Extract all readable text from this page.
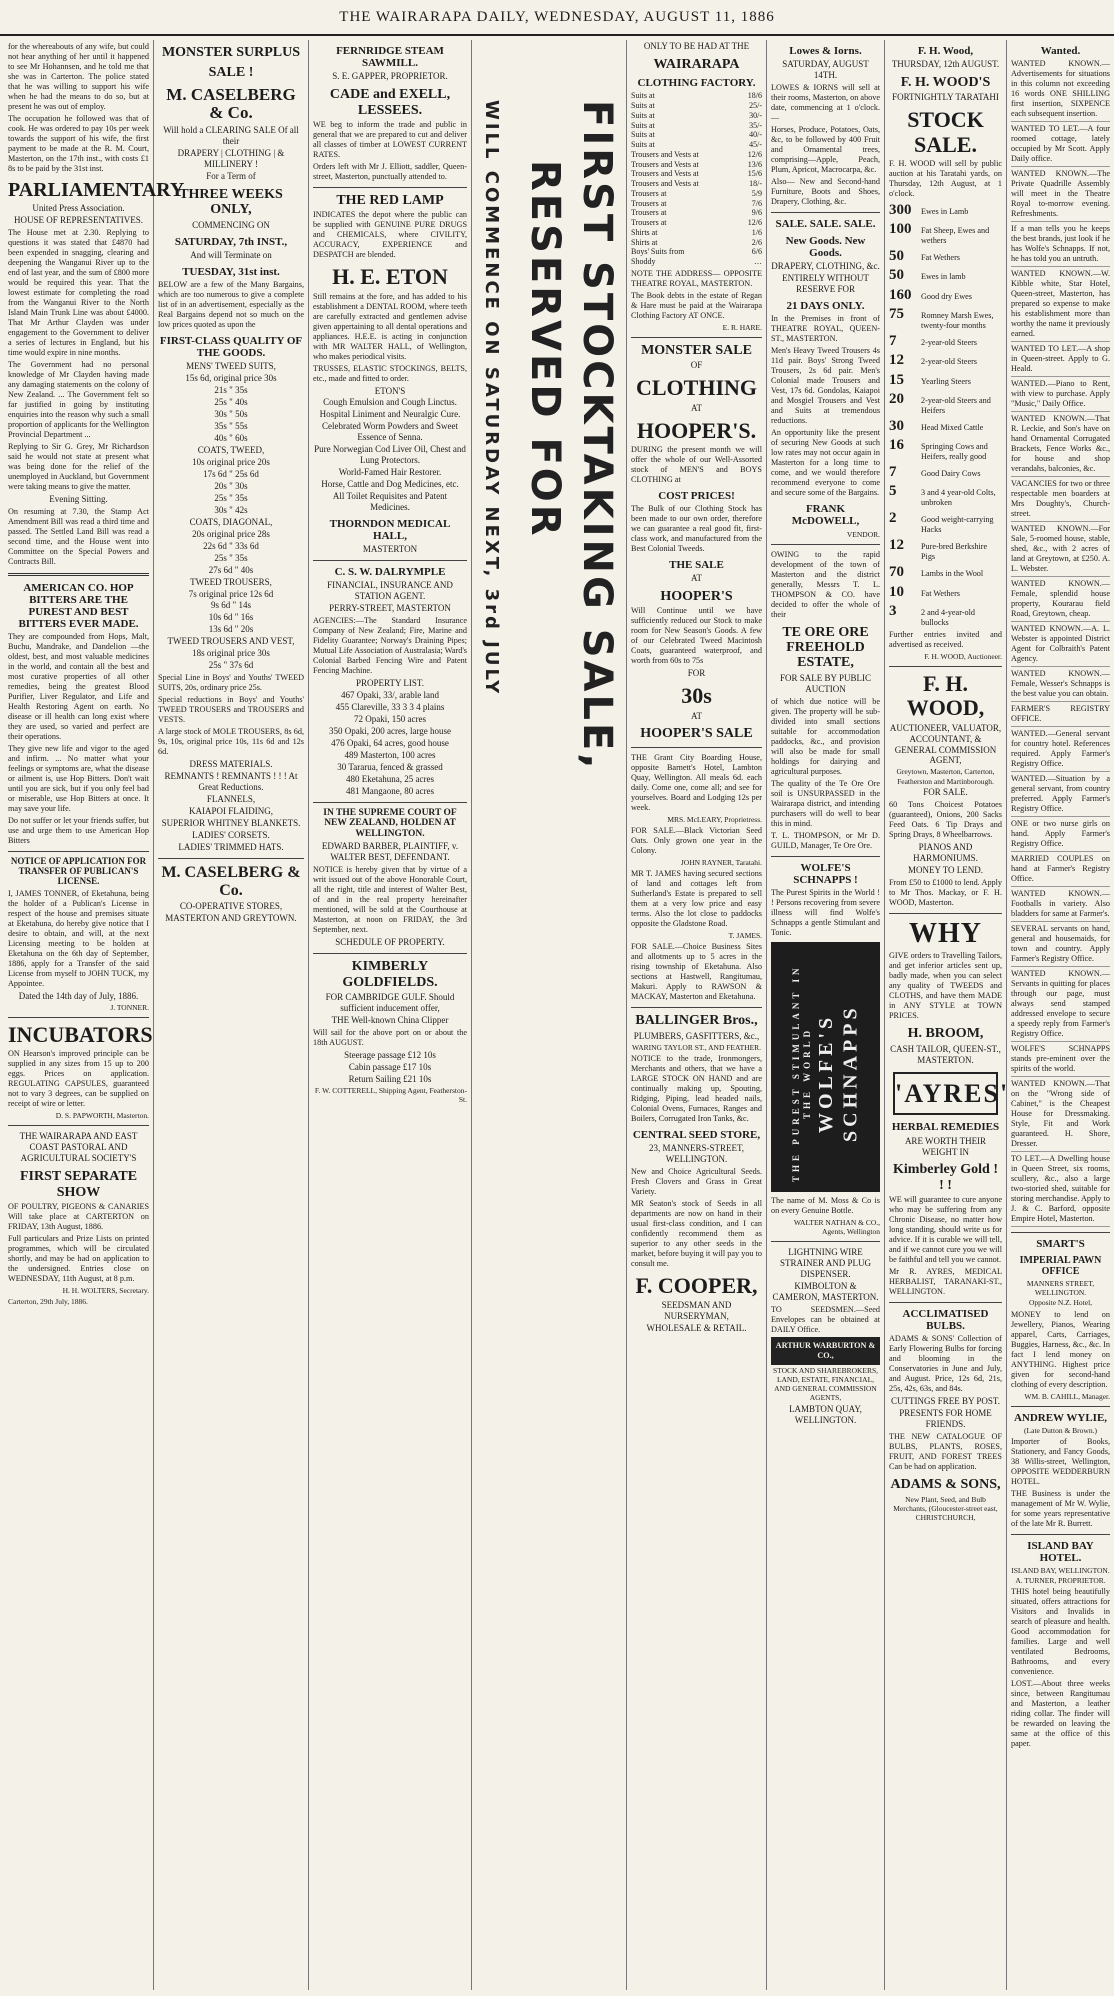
THE WAIRARAPA DAILY, WEDNESDAY, AUGUST 11, 1886
for the whereabouts of any wife, but could not hear anything of her until it happened to see Mr Hohannsen, and he told me that she was in Carterton. The police stated that he was willing to support his wife when he had the means to do so, but at present he was out of employ.
The occupation he followed was that of cook. He was ordered to pay 10s per week towards the support of his wife, the first payment to be made at the R. M. Court, Masterton, on the 17th inst., with costs £1 8s to be paid by the 31st inst.
PARLIAMENTARY
United Press Association.
HOUSE OF REPRESENTATIVES.
The House met at 2.30. Replying to questions it was stated that £4870 had been expended in snagging, clearing and deepening the Wanganui River up to the end of last year, and the sum of £800 more would be required this year. That the lowest estimate for completing the road from the Wanganui River to the North Island Main Trunk Line was about £4000. That Mr Arthur Clayden was under engagement to the Government to deliver a series of lectures in England, but his time would expire in nine months.
The Government had no personal knowledge of Mr Clayden having made any damaging statements on the colony of New Zealand. ... The Government felt so far justified in going by instituting enquiries into the reason why such a small proportion of applicants for the Wellington Provincial Department ...
Replying to Sir G. Grey, Mr Richardson said he would not state at present what was being done for the relief of the unemployed in Auckland, but Government were taking means to give the matter.
Evening Sitting.
On resuming at 7.30, the Stamp Act Amendment Bill was read a third time and passed. The Settled Land Bill was read a second time, and the House went into Committee on the Special Powers and Contracts Bill.
AMERICAN CO. HOP BITTERS ARE THE PUREST AND BEST BITTERS EVER MADE.
They are compounded from Hops, Malt, Buchu, Mandrake, and Dandelion —the oldest, best, and most valuable medicines in the world, and contain all the best and most curative properties of all other remedies, being the greatest Blood Purifier, Liver Regulator, and Life and Health Restoring Agent on earth. No disease or ill health can long exist where they are used, so varied and perfect are their operations.
They give new life and vigor to the aged and infirm. ... No matter what your feelings or symptoms are, what the disease or ailment is, use Hop Bitters. Don't wait until you are sick, but if you only feel bad or miserable, use Hop Bitters at once. It may save your life.
Do not suffer or let your friends suffer, but use and urge them to use American Hop Bitters
NOTICE OF APPLICATION FOR TRANSFER OF PUBLICAN'S LICENSE.
I, JAMES TONNER, of Eketahuna, being the holder of a Publican's License in respect of the house and premises situate at Eketahuna, do hereby give notice that I desire to obtain, and will, at the next Licensing meeting to be holden at Eketahuna on the 6th day of September, 1886, apply for a Transfer of the said License from myself to JOHN TUCK, my Appointee.
Dated the 14th day of July, 1886.
J. TONNER.
INCUBATORS
ON Hearson's improved principle can be supplied in any sizes from 15 up to 200 eggs. Prices on application. REGULATING CAPSULES, guaranteed not to vary 3 degrees, can be supplied on receipt of wire or letter.
D. S. PAPWORTH, Masterton.
THE WAIRARAPA AND EAST COAST PASTORAL AND AGRICULTURAL SOCIETY'S
FIRST SEPARATE SHOW
OF POULTRY, PIGEONS & CANARIES Will take place at CARTERTON on FRIDAY, 13th August, 1886.
Full particulars and Prize Lists on printed programmes, which will be circulated shortly, and may be had on application to the undersigned. Entries close on WEDNESDAY, 11th August, at 8 p.m.
H. H. WOLTERS, Secretary.
Carterton, 29th July, 1886.
MONSTER SURPLUS
SALE !
M. CASELBERG & Co.
Will hold a CLEARING SALE Of all their
DRAPERY | CLOTHING | & MILLINERY !
For a Term of
THREE WEEKS ONLY,
COMMENCING ON
SATURDAY, 7th INST.,
And will Terminate on
TUESDAY, 31st inst.
BELOW are a few of the Many Bargains, which are too numerous to give a complete list of in an advertisement, especially as the Real Bargains depend not so much on the low prices quoted as upon the
FIRST-CLASS QUALITY OF THE GOODS.
MENS' TWEED SUITS,
15s 6d, original price 30s
21s " 35s
25s " 40s
30s " 50s
35s " 55s
40s " 60s
COATS, TWEED,
10s original price 20s
17s 6d " 25s 6d
20s " 30s
25s " 35s
30s " 42s
COATS, DIAGONAL,
20s original price 28s
22s 6d " 33s 6d
25s " 35s
27s 6d " 40s
TWEED TROUSERS,
7s original price 12s 6d
9s 6d " 14s
10s 6d " 16s
13s 6d " 20s
TWEED TROUSERS AND VEST,
18s original price 30s
25s " 37s 6d
Special Line in Boys' and Youths' TWEED SUITS, 20s, ordinary price 25s.
Special reductions in Boys' and Youths' TWEED TROUSERS and TROUSERS and VESTS.
A large stock of MOLE TROUSERS, 8s 6d, 9s, 10s, original price 10s, 11s 6d and 12s 6d.
DRESS MATERIALS.
REMNANTS ! REMNANTS ! ! ! At Great Reductions.
FLANNELS,
KAIAPOI FLAIDING,
SUPERIOR WHITNEY BLANKETS.
LADIES' CORSETS.
LADIES' TRIMMED HATS.
M. CASELBERG & Co.
CO-OPERATIVE STORES,
MASTERTON AND GREYTOWN.
FERNRIDGE STEAM SAWMILL.
S. E. GAPPER, PROPRIETOR.
CADE and EXELL, LESSEES.
WE beg to inform the trade and public in general that we are prepared to cut and deliver all classes of timber at LOWEST CURRENT RATES.
Orders left with Mr J. Elliott, saddler, Queen-street, Masterton, punctually attended to.
THE RED LAMP
INDICATES the depot where the public can be supplied with GENUINE PURE DRUGS and CHEMICALS, where CIVILITY, ACCURACY, EXPERIENCE and DESPATCH are blended.
H. E. ETON
Still remains at the fore, and has added to his establishment a DENTAL ROOM, where teeth are carefully extracted and gentlemen advise given appertaining to all dental operations and appliances. H.E.E. is acting in conjunction with MR WALTER HALL, of Wellington, who makes periodical visits.
TRUSSES, ELASTIC STOCKINGS, BELTS, etc., made and fitted to order.
ETON'S
Cough Emulsion and Cough Linctus.
Hospital Liniment and Neuralgic Cure.
Celebrated Worm Powders and Sweet Essence of Senna.
Pure Norwegian Cod Liver Oil, Chest and Lung Protectors.
World-Famed Hair Restorer.
Horse, Cattle and Dog Medicines, etc.
All Toilet Requisites and Patent Medicines.
THORNDON MEDICAL HALL,
MASTERTON
C. S. W. DALRYMPLE
FINANCIAL, INSURANCE AND STATION AGENT.
PERRY-STREET, MASTERTON
AGENCIES:—The Standard Insurance Company of New Zealand; Fire, Marine and Fidelity Guarantee; Norway's Draining Pipes; Mutual Life Association of Australasia; Ward's Colonial Barbed Fencing Wire and Patent Fencing Machine.
PROPERTY LIST.
467 Opaki, 33/, arable land
455 Clareville, 33 3 3 4 plains
72 Opaki, 150 acres
350 Opaki, 200 acres, large house
476 Opaki, 64 acres, good house
489 Masterton, 100 acres
30 Tararua, fenced & grassed
480 Eketahuna, 25 acres
481 Mangaone, 80 acres
IN THE SUPREME COURT OF NEW ZEALAND, HOLDEN AT WELLINGTON.
EDWARD BARBER, PLAINTIFF, v. WALTER BEST, DEFENDANT.
NOTICE is hereby given that by virtue of a writ issued out of the above Honorable Court, all the right, title and interest of Walter Best, of and in the real property hereinafter mentioned, will be sold at the Courthouse at Masterton, at noon on FRIDAY, the 3rd September, next.
SCHEDULE OF PROPERTY.
KIMBERLY GOLDFIELDS.
FOR CAMBRIDGE GULF. Should sufficient inducement offer,
THE Well-known China Clipper
Will sail for the above port on or about the 18th AUGUST.
Steerage passage £12 10s
Cabin passage £17 10s
Return Sailing £21 10s
F. W. COTTERELL, Shipping Agent, Featherston-St.
WILL COMMENCE ON SATURDAY NEXT, 3rd JULY RESERVED FOR FIRST STOCKTAKING SALE,
ONLY TO BE HAD AT THE
WAIRARAPA
CLOTHING FACTORY.
Suits at	18/6
Suits at	25/-
Suits at	30/-
Suits at	35/-
Suits at	40/-
Suits at	45/-
Trousers and Vests at	12/6
Trousers and Vests at	13/6
Trousers and Vests at	15/6
Trousers and Vests at	18/-
Trousers at	5/9
Trousers at	7/6
Trousers at	9/6
Trousers at	12/6
Shirts at	1/6
Shirts at	2/6
Boys' Suits from	6/6
Shoddy	…
NOTE THE ADDRESS— OPPOSITE THEATRE ROYAL, MASTERTON.
The Book debts in the estate of Regan & Hare must be paid at the Wairarapa Clothing Factory AT ONCE.
E. R. HARE.
MONSTER SALE
OF
CLOTHING
AT
HOOPER'S.
DURING the present month we will offer the whole of our Well-Assorted stock of MEN'S and BOYS CLOTHING at
COST PRICES!
The Bulk of our Clothing Stock has been made to our own order, therefore we can guarantee a real good fit, first-class work, and manufactured from the Best Colonial Tweeds.
THE SALE
AT
HOOPER'S
Will Continue until we have sufficiently reduced our Stock to make room for New Season's Goods. A few of our Celebrated Tweed Macintosh Coats, guaranteed waterproof, and worth from 60s to 75s
FOR
30s
AT
HOOPER'S SALE
THE Grant City Boarding House, opposite Barnett's Hotel, Lambton Quay, Wellington. All meals 6d. each daily. Come one, come all; and see for yourselves. Board and Lodging 12s per week.
MRS. McLEARY, Proprietress.
FOR SALE.—Black Victorian Seed Oats. Only grown one year in the Colony.
JOHN RAYNER, Taratahi.
MR T. JAMES having secured sections of land and cottages left from Sutherland's Estate is prepared to sell them at a very low price and easy terms. Also the lot close to paddocks opposite the Gladstone Road.
T. JAMES.
FOR SALE.—Choice Business Sites and allotments up to 5 acres in the rising township of Eketahuna. Also sections at Hastwell, Rangitumau, Makuri. Apply to RAWSON & MACKAY, Masterton and Eketahuna.
BALLINGER Bros.,
PLUMBERS, GASFITTERS, &c.,
WARING TAYLOR ST., AND FEATHER.
NOTICE to the trade, Ironmongers, Merchants and others, that we have a LARGE STOCK ON HAND and are continually making up, Spouting, Ridging, Piping, lead headed nails, Colonial Ovens, Furnaces, Ranges and Boilers, Corrugated Iron Tanks, &c.
CENTRAL SEED STORE,
23, MANNERS-STREET, WELLINGTON.
New and Choice Agricultural Seeds. Fresh Clovers and Grass in Great Variety.
MR Seaton's stock of Seeds in all departments are now on hand in their usual first-class condition, and I can confidently recommend them as superior to any other seeds in the market, before buying it will pay you to consult me.
F. COOPER,
SEEDSMAN AND NURSERYMAN,
WHOLESALE & RETAIL.
Lowes & Iorns.
SATURDAY, AUGUST 14TH.
LOWES & IORNS will sell at their rooms, Masterton, on above date, commencing at 1 o'clock.—
Horses, Produce, Potatoes, Oats, &c, to be followed by 400 Fruit and Ornamental trees, comprising—Apple, Peach, Plum, Apricot, Macrocarpa, &c.
Also— New and Second-hand Furniture, Boots and Shoes, Drapery, Clothing, &c.
SALE. SALE. SALE.
New Goods. New Goods.
DRAPERY, CLOTHING, &c.
ENTIRELY WITHOUT RESERVE FOR
21 DAYS ONLY.
In the Premises in front of THEATRE ROYAL, QUEEN-ST., MASTERTON.
Men's Heavy Tweed Trousers 4s 11d pair. Boys' Strong Tweed Trousers, 2s 6d pair. Men's Colonial made Trousers and Vest, 17s 6d. Gondolas, Kaiapoi and Mosgiel Trousers and Vest and Suits at tremendous reductions.
An opportunity like the present of securing New Goods at such low rates may not occur again in Masterton for a long time to come, and we would therefore recommend everyone to come and secure some of the Bargains.
FRANK McDOWELL,
VENDOR.
OWING to the rapid development of the town of Masterton and the district generally, Messrs T. L. THOMPSON & CO. have decided to offer the whole of their
TE ORE ORE FREEHOLD ESTATE,
FOR SALE BY PUBLIC AUCTION
of which due notice will be given. The property will be sub-divided into small sections suitable for accommodation paddocks, &c., and provision will also be made for small holdings for dairying and agricultural purposes.
The quality of the Te Ore Ore soil is UNSURPASSED in the Wairarapa district, and intending purchasers will do well to bear this in mind.
T. L. THOMPSON, or Mr D. GUILD, Manager, Te Ore Ore.
WOLFE'S SCHNAPPS !
The Purest Spirits in the World ! ! Persons recovering from severe illness will find Wolfe's Schnapps a gentle Stimulant and Tonic.
WOLFE'S SCHNAPPS
THE PUREST STIMULANT IN THE WORLD
The name of M. Moss & Co is on every Genuine Bottle.
WALTER NATHAN & CO., Agents, Wellington
LIGHTNING WIRE STRAINER AND PLUG DISPENSER.
KIMBOLTON & CAMERON, MASTERTON.
TO SEEDSMEN.—Seed Envelopes can be obtained at DAILY Office.
ARTHUR WARBURTON & CO.,
STOCK AND SHAREBROKERS, LAND, ESTATE, FINANCIAL, AND GENERAL COMMISSION AGENTS,
LAMBTON QUAY, WELLINGTON.
F. H. Wood,
THURSDAY, 12th AUGUST.
F. H. WOOD'S
FORTNIGHTLY TARATAHI
STOCK SALE.
F. H. WOOD will sell by public auction at his Taratahi yards, on Thursday, 12th August, at 1 o'clock.
300	Ewes in Lamb
100	Fat Sheep, Ewes and wethers
50	Fat Wethers
50	Ewes in lamb
160	Good dry Ewes
75	Romney Marsh Ewes, twenty-four months
7	2-year-old Steers
12	2-year-old Steers
15	Yearling Steers
20	2-year-old Steers and Heifers
30	Head Mixed Cattle
16	Springing Cows and Heifers, really good
7	Good Dairy Cows
5	3 and 4 year-old Colts, unbroken
2	Good weight-carrying Hacks
12	Pure-bred Berkshire Pigs
70	Lambs in the Wool
10	Fat Wethers
3	2 and 4-year-old bullocks
Further entries invited and advertised as received.
F. H. WOOD, Auctioneer.
F. H. WOOD,
AUCTIONEER, VALUATOR, ACCOUNTANT, & GENERAL COMMISSION AGENT,
Greytown, Masterton, Carterton, Featherston and Martinborough.
FOR SALE.
60 Tons Choicest Potatoes (guaranteed), Onions, 200 Sacks Feed Oats. 6 Tip Drays and Spring Drays, 8 Wheelbarrows.
PIANOS AND HARMONIUMS.
MONEY TO LEND.
From £50 to £1000 to lend. Apply to Mr Thos. Mackay, or F. H. WOOD, Masterton.
WHY
GIVE orders to Travelling Tailors, and get inferior articles sent up, badly made, when you can select any quality of TWEEDS and CLOTHS, and have them MADE in ANY STYLE at TOWN PRICES.
H. BROOM,
CASH TAILOR, QUEEN-ST., MASTERTON.
'AYRES'
HERBAL REMEDIES
ARE WORTH THEIR WEIGHT IN
Kimberley Gold ! ! !
WE will guarantee to cure anyone who may be suffering from any Chronic Disease, no matter how long standing, should write us for advice. If it is curable we will tell, and if we cannot cure you we will be faithful and tell you we cannot.
Mr R. AYRES, MEDICAL HERBALIST, TARANAKI-ST., WELLINGTON.
ACCLIMATISED BULBS.
ADAMS & SONS' Collection of Early Flowering Bulbs for forcing and blooming in the Conservatories in June and July, and August. Price, 12s 6d, 21s, 25s, 42s, 63s, and 84s.
CUTTINGS FREE BY POST.
PRESENTS FOR HOME FRIENDS.
THE NEW CATALOGUE OF BULBS, PLANTS, ROSES, FRUIT, AND FOREST TREES Can be had on application.
ADAMS & SONS,
New Plant, Seed, and Bulb Merchants, (Gloucester-street east, CHRISTCHURCH,
Wanted.
WANTED KNOWN.—Advertisements for situations in this column not exceeding 16 words ONE SHILLING first insertion, SIXPENCE each subsequent insertion.
WANTED TO LET.—A four roomed cottage, lately occupied by Mr Scott. Apply Daily office.
WANTED KNOWN.—The Private Quadrille Assembly will meet in the Theatre Royal to-morrow evening. Refreshments.
If a man tells you he keeps the best brands, just look if he has Wolfe's Schnapps. If not, he has told you an untruth.
WANTED KNOWN.—W. Kibble white, Star Hotel, Queen-street, Masterton, has prepared so expense to make his establishment more than worthy the name it previously earned.
WANTED TO LET.—A shop in Queen-street. Apply to G. Heald.
WANTED.—Piano to Rent, with view to purchase. Apply "Music," Daily Office.
WANTED KNOWN.—That R. Leckie, and Son's have on hand Ornamental Corrugated Brackets, Fence Works &c., for house and shop verandahs, balconies, &c.
VACANCIES for two or three respectable men boarders at Mrs Doughty's, Church-street.
WANTED KNOWN.—For Sale, 5-roomed house, stable, shed, &c., with 2 acres of land at Greytown, at £250. A. L. Webster.
WANTED KNOWN.—Female, splendid house property, Kourarau field Road, Greytown, cheap.
WANTED KNOWN.—A. L. Webster is appointed District Agent for Colbraith's Patent Agency.
WANTED KNOWN.—Female, Wesser's Schnapps is the best value you can obtain.
FARMER'S REGISTRY OFFICE.
WANTED.—General servant for country hotel. References required. Apply Farmer's Registry Office.
WANTED.—Situation by a general servant, from country preferred. Apply Farmer's Registry Office.
ONE or two nurse girls on hand. Apply Farmer's Registry Office.
MARRIED COUPLES on hand at Farmer's Registry Office.
WANTED KNOWN.—Footballs in variety. Also bladders for same at Farmer's.
SEVERAL servants on hand, general and housemaids, for town and country. Apply Farmer's Registry Office.
WANTED KNOWN.—Servants in quitting for places through our page, must always send stamped addressed envelope to secure a speedy reply from Farmer's Registry Office.
WOLFE'S SCHNAPPS stands pre-eminent over the spirits of the world.
WANTED KNOWN.—That on the "Wrong side of Cabinet," is the Cheapest House for Dressmaking. Style, Fit and Work guaranteed. H. Shore, Dresser.
TO LET.—A Dwelling house in Queen Street, six rooms, scullery, &c., also a large two-storied shed, suitable for storing merchandise. Apply to J. & C. Barford, opposite Empire Hotel, Masterton.
SMART'S
IMPERIAL PAWN OFFICE
MANNERS STREET, WELLINGTON.
Opposite N.Z. Hotel,
MONEY to lend on Jewellery, Pianos, Wearing apparel, Carts, Carriages, Buggies, Harness, &c., &c. In fact I lend money on ANYTHING. Highest price given for second-hand clothing of every description.
WM. B. CAHILL, Manager.
ANDREW WYLIE,
(Late Dutton & Brown.)
Importer of Books, Stationery, and Fancy Goods, 38 Willis-street, Wellington, OPPOSITE WEDDERBURN HOTEL.
THE Business is under the management of Mr W. Wylie, for some years representative of the late Mr R. Burrett.
ISLAND BAY HOTEL.
ISLAND BAY, WELLINGTON.
A. TURNER, PROPRIETOR.
THIS hotel being beautifully situated, offers attractions for Visitors and Invalids in search of pleasure and health. Good accommodation for families. Large and well ventilated Bedrooms, Bathrooms, and every convenience.
LOST.—About three weeks since, between Rangitumau and Masterton, a leather riding collar. The finder will be rewarded on leaving the same at the office of this paper.
